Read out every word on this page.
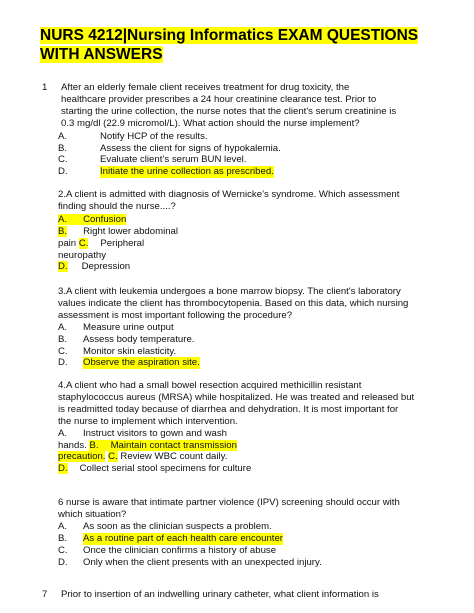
NURS 4212|Nursing Informatics EXAM QUESTIONS
WITH ANSWERS
1	After an elderly female client receives treatment for drug toxicity, the
healthcare provider prescribes a 24 hour creatinine clearance test. Prior to
starting the urine collection, the nurse notes that the client's serum creatinine is
0.3 mg/dl (22.9 micromol/L). What action should the nurse implement?
A.	Notify HCP of the results.
B.	Assess the client for signs of hypokalemia.
C.	Evaluate client’s serum BUN level.
D.	Initiate the urine collection as prescribed.
2.A client is admitted with diagnosis of Wernicke’s syndrome. Which assessment
finding should the nurse....?
A. Confusion
B. Right lower abdominal
pain C. Peripheral
neuropathy
D. Depression
3.A client with leukemia undergoes a bone marrow biopsy. The client's laboratory
values indicate the client has thrombocytopenia. Based on this data, which nursing
assessment is most important following the procedure?
A.	Measure urine output
B.	Assess body temperature.
C.	Monitor skin elasticity.
D.	Observe the aspiration site.
4.A client who had a small bowel resection acquired methicillin resistant
staphylococcus aureus (MRSA) while hospitalized. He was treated and released but
is readmitted today because of diarrhea and dehydration. It is most important for
the nurse to implement which intervention.
A.	Instruct visitors to gown and wash
hands. B. Maintain contact transmission
precaution. C. Review WBC count daily.
D. Collect serial stool specimens for culture
6 nurse is aware that intimate partner violence (IPV) screening should occur with
which situation?
A.	As soon as the clinician suspects a problem.
B.	As a routine part of each health care encounter
C.	Once the clinician confirms a history of abuse
D.	Only when the client presents with an unexpected injury.
7	Prior to insertion of an indwelling urinary catheter, what client information is
